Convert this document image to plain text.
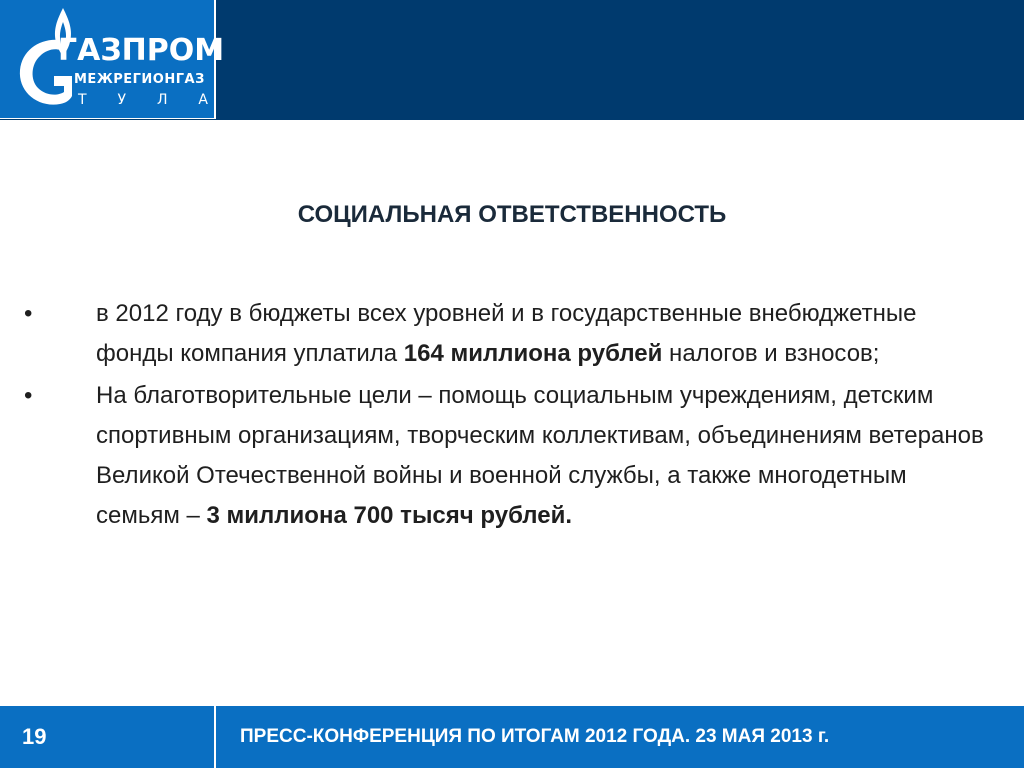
ГАЗПРОМ
МЕЖРЕГИОНГАЗ
Т У Л А
СОЦИАЛЬНАЯ ОТВЕТСТВЕННОСТЬ
•	в 2012 году в бюджеты всех уровней и в государственные внебюджетные фонды компания уплатила 164 миллиона рублей налогов и взносов;
•	На благотворительные цели – помощь социальным учреждениям, детским спортивным организациям, творческим коллективам, объединениям ветеранов Великой Отечественной войны и военной службы, а также многодетным семьям – 3 миллиона 700 тысяч рублей.
19	ПРЕСС-КОНФЕРЕНЦИЯ ПО ИТОГАМ 2012 ГОДА. 23 МАЯ 2013 г.
